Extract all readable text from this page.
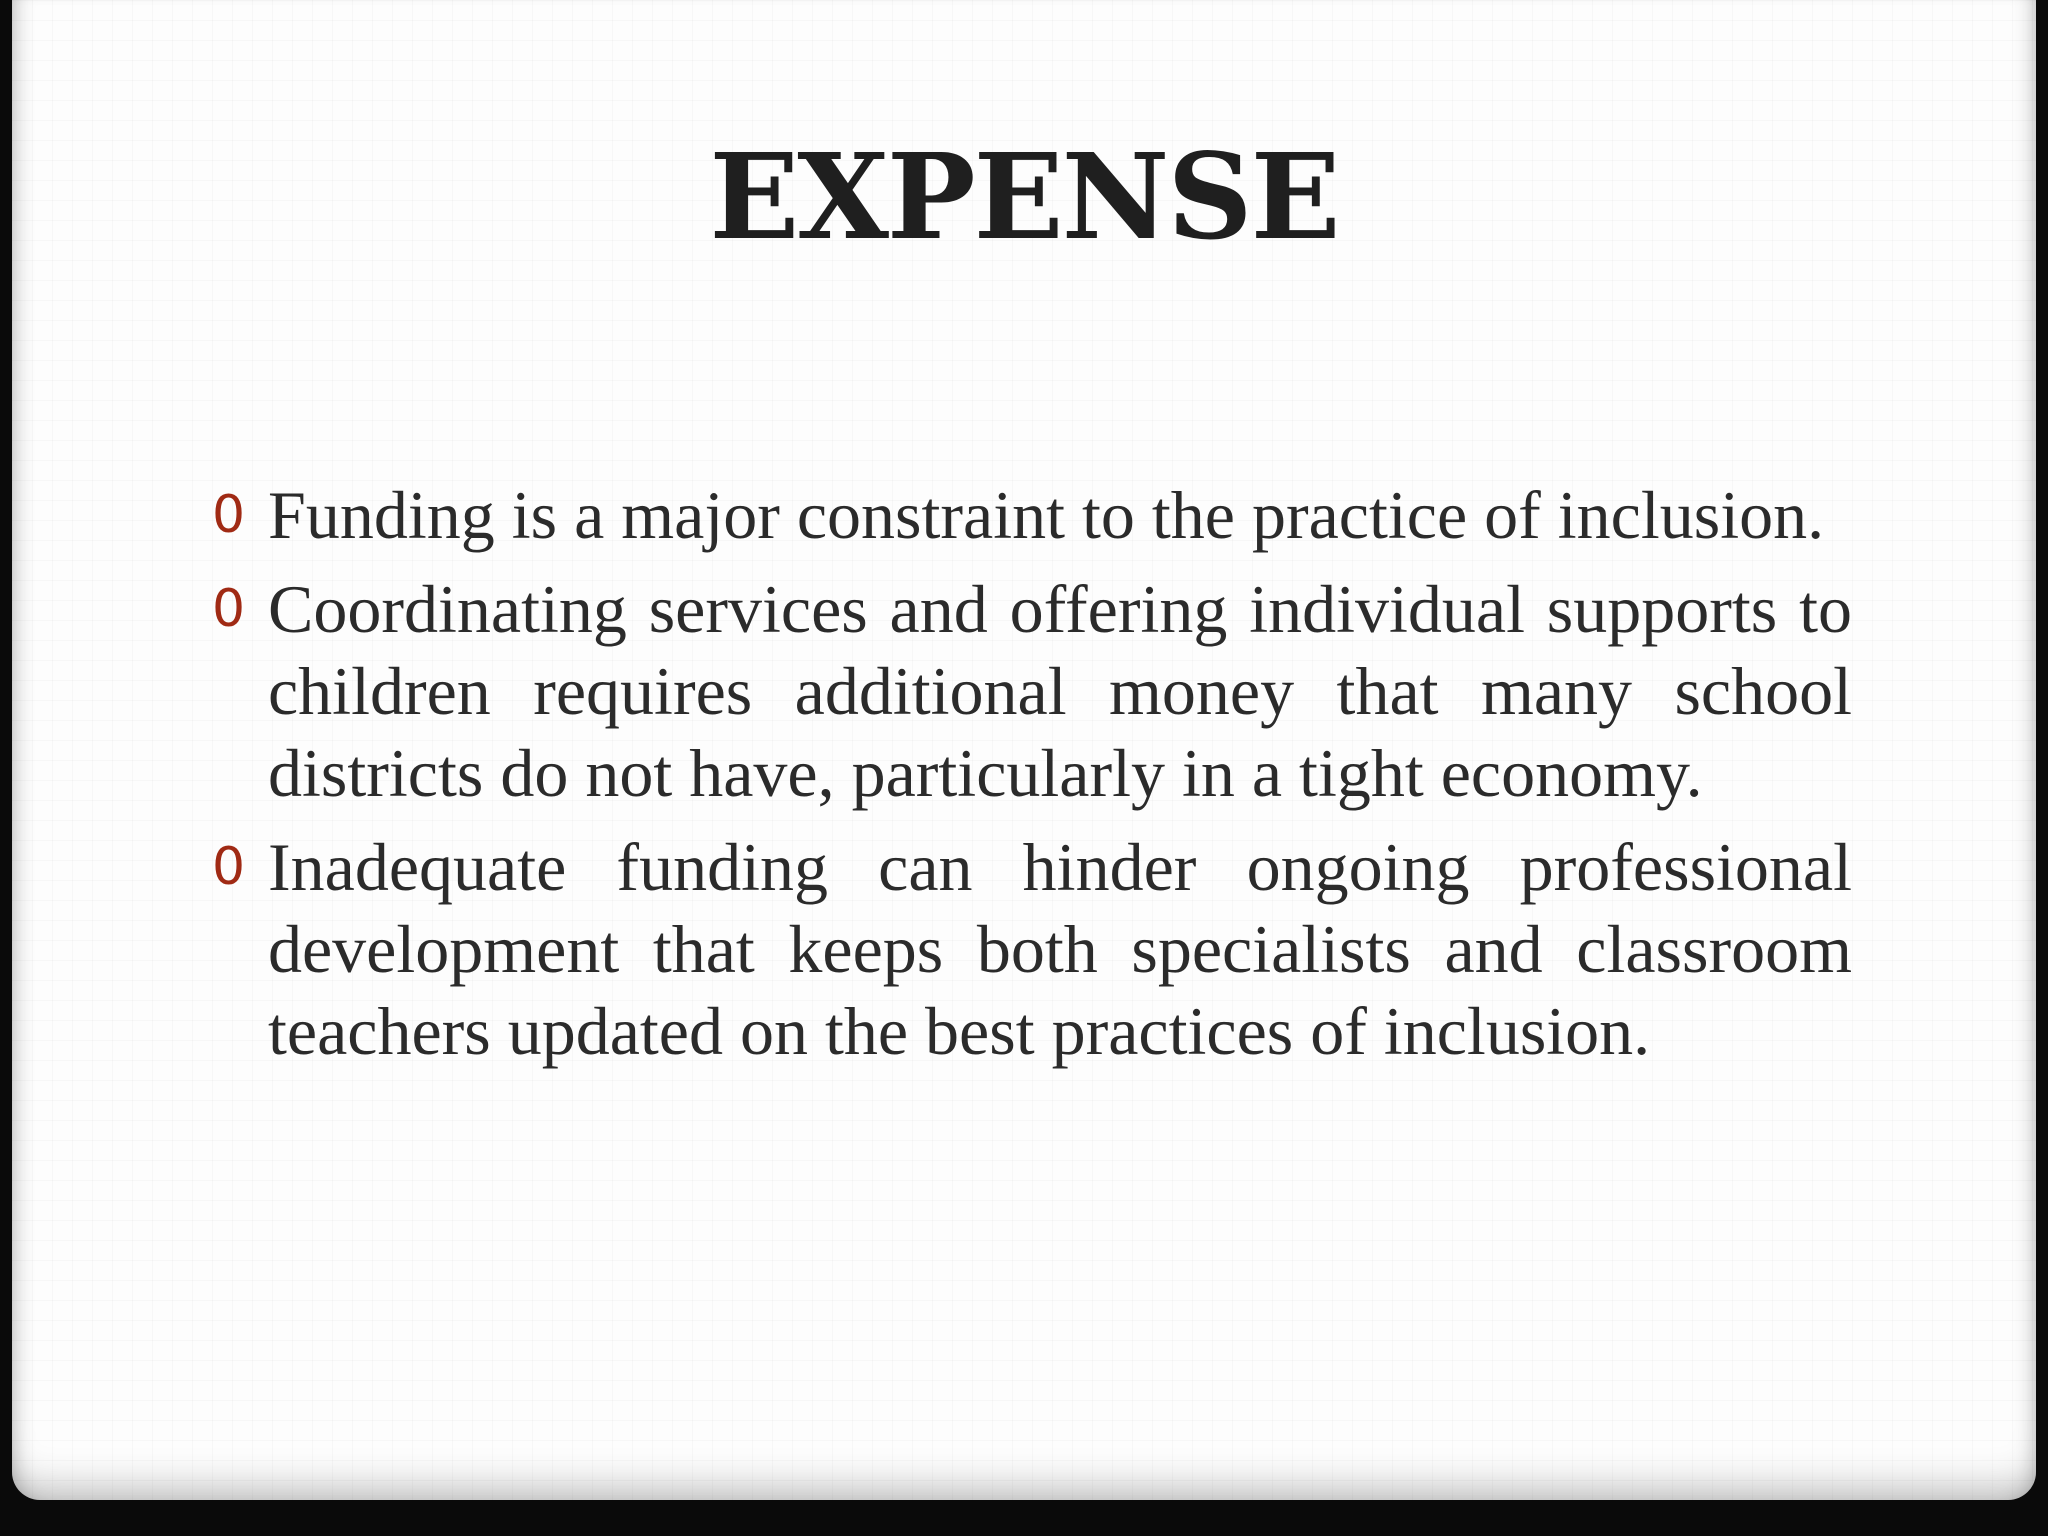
EXPENSE
0 Funding is a major constraint to the practice of inclusion.
0 Coordinating services and offering individual supports to children requires additional money that many school districts do not have, particularly in a tight economy.
0 Inadequate funding can hinder ongoing professional development that keeps both specialists and classroom teachers updated on the best practices of inclusion.
